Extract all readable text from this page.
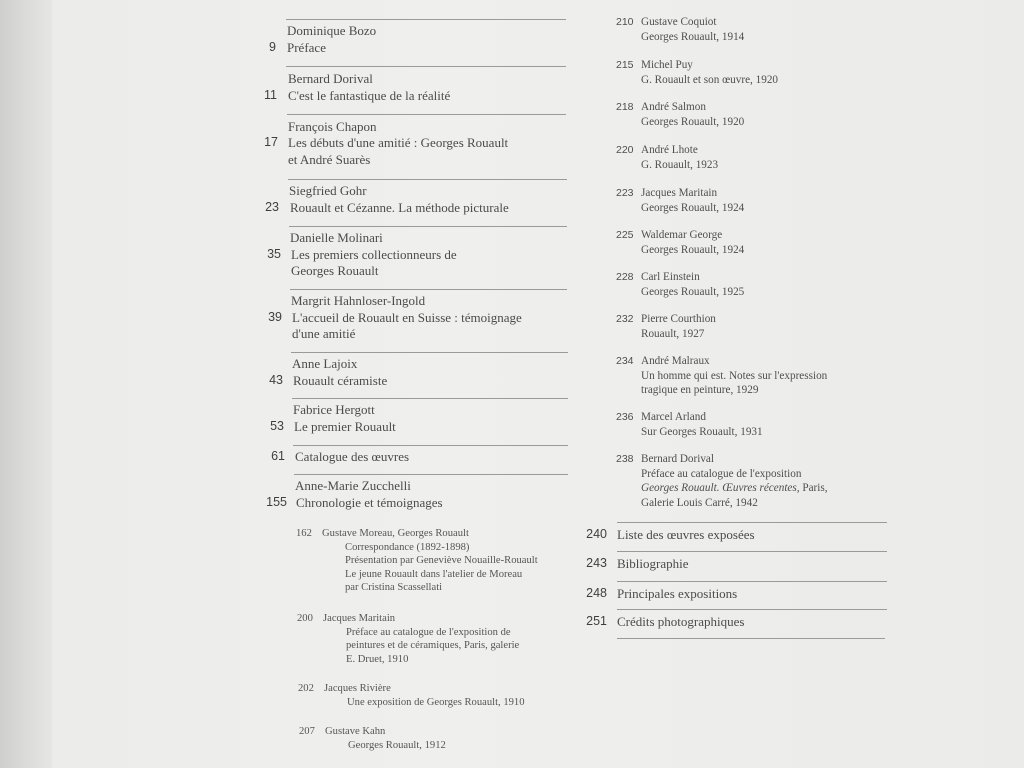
Dominique Bozo
9 Préface
Bernard Dorival
11 C'est le fantastique de la réalité
François Chapon
17 Les débuts d'une amitié : Georges Rouault
et André Suarès
Siegfried Gohr
23 Rouault et Cézanne. La méthode picturale
Danielle Molinari
35 Les premiers collectionneurs de
Georges Rouault
Margrit Hahnloser-Ingold
39 L'accueil de Rouault en Suisse : témoignage
d'une amitié
Anne Lajoix
43 Rouault céramiste
Fabrice Hergott
53 Le premier Rouault
61 Catalogue des œuvres
Anne-Marie Zucchelli
155 Chronologie et témoignages
162 Gustave Moreau, Georges Rouault
Correspondance (1892-1898)
Présentation par Geneviève Nouaille-Rouault
Le jeune Rouault dans l'atelier de Moreau
par Cristina Scassellati
200 Jacques Maritain
Préface au catalogue de l'exposition de
peintures et de céramiques, Paris, galerie
E. Druet, 1910
202 Jacques Rivière
Une exposition de Georges Rouault, 1910
207 Gustave Kahn
Georges Rouault, 1912
210 Gustave Coquiot
Georges Rouault, 1914
215 Michel Puy
G. Rouault et son œuvre, 1920
218 André Salmon
Georges Rouault, 1920
220 André Lhote
G. Rouault, 1923
223 Jacques Maritain
Georges Rouault, 1924
225 Waldemar George
Georges Rouault, 1924
228 Carl Einstein
Georges Rouault, 1925
232 Pierre Courthion
Rouault, 1927
234 André Malraux
Un homme qui est. Notes sur l'expression
tragique en peinture, 1929
236 Marcel Arland
Sur Georges Rouault, 1931
238 Bernard Dorival
Préface au catalogue de l'exposition
Georges Rouault. Œuvres récentes, Paris,
Galerie Louis Carré, 1942
240 Liste des œuvres exposées
243 Bibliographie
248 Principales expositions
251 Crédits photographiques
